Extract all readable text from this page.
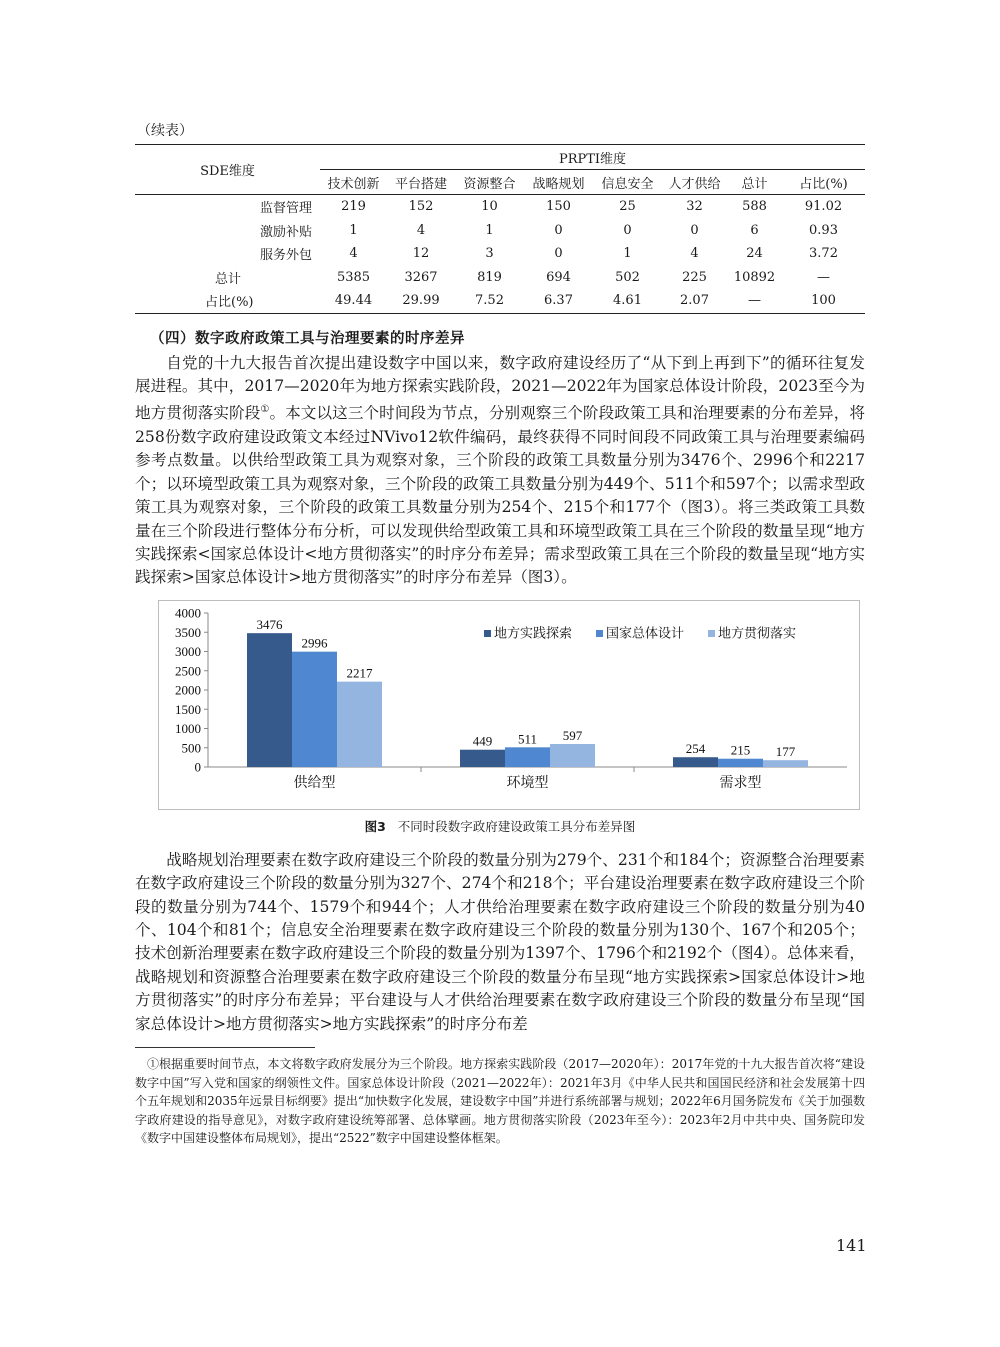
（续表）
SDE维度	PRPTI维度							
	技术创新	平台搭建	资源整合	战略规划	信息安全	人才供给	总计	占比(%)
监督管理	219	152	10	150	25	32	588	91.02
激励补贴	1	4	1	0	0	0	6	0.93
服务外包	4	12	3	0	1	4	24	3.72
总计	5385	3267	819	694	502	225	10892	—
占比(%)	49.44	29.99	7.52	6.37	4.61	2.07	—	100
（四）数字政府政策工具与治理要素的时序差异

自党的十九大报告首次提出建设数字中国以来，数字政府建设经历了“从下到上再到下”的循环往复发展进程。其中，2017—2020年为地方探索实践阶段，2021—2022年为国家总体设计阶段，2023至今为地方贯彻落实阶段①。本文以这三个时间段为节点，分别观察三个阶段政策工具和治理要素的分布差异，将258份数字政府建设政策文本经过NVivo12软件编码，最终获得不同时间段不同政策工具与治理要素编码参考点数量。以供给型政策工具为观察对象，三个阶段的政策工具数量分别为3476个、2996个和2217个；以环境型政策工具为观察对象，三个阶段的政策工具数量分别为449个、511个和597个；以需求型政策工具为观察对象，三个阶段的政策工具数量分别为254个、215个和177个（图3）。将三类政策工具数量在三个阶段进行整体分布分析，可以发现供给型政策工具和环境型政策工具在三个阶段的数量呈现“地方实践探索<国家总体设计<地方贯彻落实”的时序分布差异；需求型政策工具在三个阶段的数量呈现“地方实践探索>国家总体设计>地方贯彻落实”的时序分布差异（图3）。

0
500
1000
1500
2000
2500
3000
3500
4000
3476
2996
2217
供给型
449 511 597
环境型
254 215 177
需求型
地方实践探索	国家总体设计	地方贯彻落实
图3 不同时段数字政府建设政策工具分布差异图

战略规划治理要素在数字政府建设三个阶段的数量分别为279个、231个和184个；资源整合治理要素在数字政府建设三个阶段的数量分别为327个、274个和218个；平台建设治理要素在数字政府建设三个阶段的数量分别为744个、1579个和944个；人才供给治理要素在数字政府建设三个阶段的数量分别为40个、104个和81个；信息安全治理要素在数字政府建设三个阶段的数量分别为130个、167个和205个；技术创新治理要素在数字政府建设三个阶段的数量分别为1397个、1796个和2192个（图4）。总体来看，战略规划和资源整合治理要素在数字政府建设三个阶段的数量分布呈现“地方实践探索>国家总体设计>地方贯彻落实”的时序分布差异；平台建设与人才供给治理要素在数字政府建设三个阶段的数量分布呈现“国家总体设计>地方贯彻落实>地方实践探索”的时序分布差

①根据重要时间节点，本文将数字政府发展分为三个阶段。地方探索实践阶段（2017—2020年）：2017年党的十九大报告首次将“建设数字中国”写入党和国家的纲领性文件。国家总体设计阶段（2021—2022年）：2021年3月《中华人民共和国国民经济和社会发展第十四个五年规划和2035年远景目标纲要》提出“加快数字化发展，建设数字中国”并进行系统部署与规划；2022年6月国务院发布《关于加强数字政府建设的指导意见》，对数字政府建设统筹部署、总体擘画。地方贯彻落实阶段（2023年至今）：2023年2月中共中央、国务院印发《数字中国建设整体布局规划》，提出“2522”数字中国建设整体框架。

141
